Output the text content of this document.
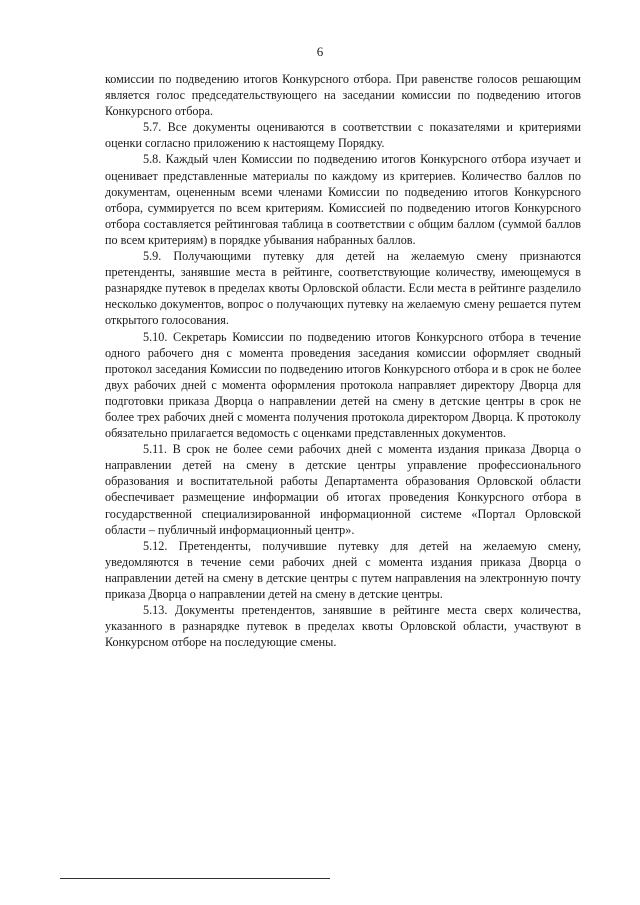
6

комиссии по подведению итогов Конкурсного отбора. При равенстве голосов решающим является голос председательствующего на заседании комиссии по подведению итогов Конкурсного отбора.

5.7. Все документы оцениваются в соответствии с показателями и критериями оценки согласно приложению к настоящему Порядку.

5.8. Каждый член Комиссии по подведению итогов Конкурсного отбора изучает и оценивает представленные материалы по каждому из критериев. Количество баллов по документам, оцененным всеми членами Комиссии по подведению итогов Конкурсного отбора, суммируется по всем критериям. Комиссией по подведению итогов Конкурсного отбора составляется рейтинговая таблица в соответствии с общим баллом (суммой баллов по всем критериям) в порядке убывания набранных баллов.

5.9. Получающими путевку для детей на желаемую смену признаются претенденты, занявшие места в рейтинге, соответствующие количеству, имеющемуся в разнарядке путевок в пределах квоты Орловской области. Если места в рейтинге разделило несколько документов, вопрос о получающих путевку на желаемую смену решается путем открытого голосования.

5.10. Секретарь Комиссии по подведению итогов Конкурсного отбора в течение одного рабочего дня с момента проведения заседания комиссии оформляет сводный протокол заседания Комиссии по подведению итогов Конкурсного отбора и в срок не более двух рабочих дней с момента оформления протокола направляет директору Дворца для подготовки приказа Дворца о направлении детей на смену в детские центры в срок не более трех рабочих дней с момента получения протокола директором Дворца. К протоколу обязательно прилагается ведомость с оценками представленных документов.

5.11. В срок не более семи рабочих дней с момента издания приказа Дворца о направлении детей на смену в детские центры управление профессионального образования и воспитательной работы Департамента образования Орловской области обеспечивает размещение информации об итогах проведения Конкурсного отбора в государственной специализированной информационной системе «Портал Орловской области – публичный информационный центр».

5.12. Претенденты, получившие путевку для детей на желаемую смену, уведомляются в течение семи рабочих дней с момента издания приказа Дворца о направлении детей на смену в детские центры с путем направления на электронную почту приказа Дворца о направлении детей на смену в детские центры.

5.13. Документы претендентов, занявшие в рейтинге места сверх количества, указанного в разнарядке путевок в пределах квоты Орловской области, участвуют в Конкурсном отборе на последующие смены.
